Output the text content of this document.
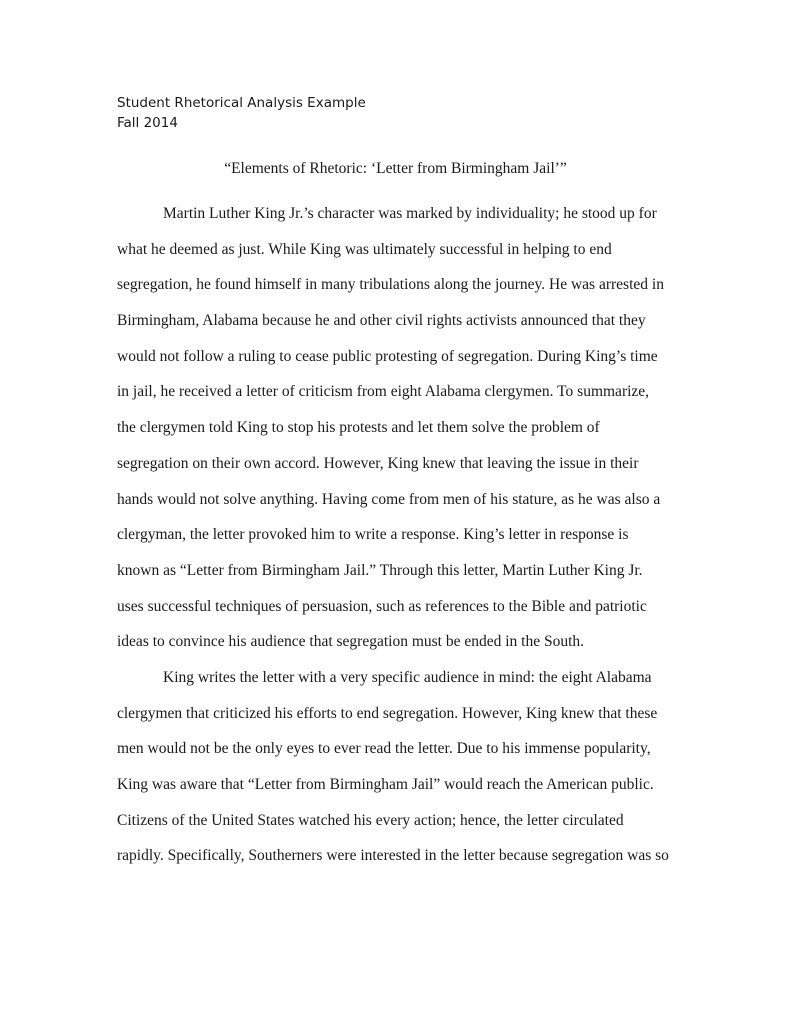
Student Rhetorical Analysis Example
Fall 2014
“Elements of Rhetoric: ‘Letter from Birmingham Jail’”
Martin Luther King Jr.’s character was marked by individuality; he stood up for
what he deemed as just. While King was ultimately successful in helping to end
segregation, he found himself in many tribulations along the journey. He was arrested in
Birmingham, Alabama because he and other civil rights activists announced that they
would not follow a ruling to cease public protesting of segregation. During King’s time
in jail, he received a letter of criticism from eight Alabama clergymen. To summarize,
the clergymen told King to stop his protests and let them solve the problem of
segregation on their own accord. However, King knew that leaving the issue in their
hands would not solve anything. Having come from men of his stature, as he was also a
clergyman, the letter provoked him to write a response. King’s letter in response is
known as “Letter from Birmingham Jail.” Through this letter, Martin Luther King Jr.
uses successful techniques of persuasion, such as references to the Bible and patriotic
ideas to convince his audience that segregation must be ended in the South.
King writes the letter with a very specific audience in mind: the eight Alabama
clergymen that criticized his efforts to end segregation. However, King knew that these
men would not be the only eyes to ever read the letter. Due to his immense popularity,
King was aware that “Letter from Birmingham Jail” would reach the American public.
Citizens of the United States watched his every action; hence, the letter circulated
rapidly. Specifically, Southerners were interested in the letter because segregation was so
